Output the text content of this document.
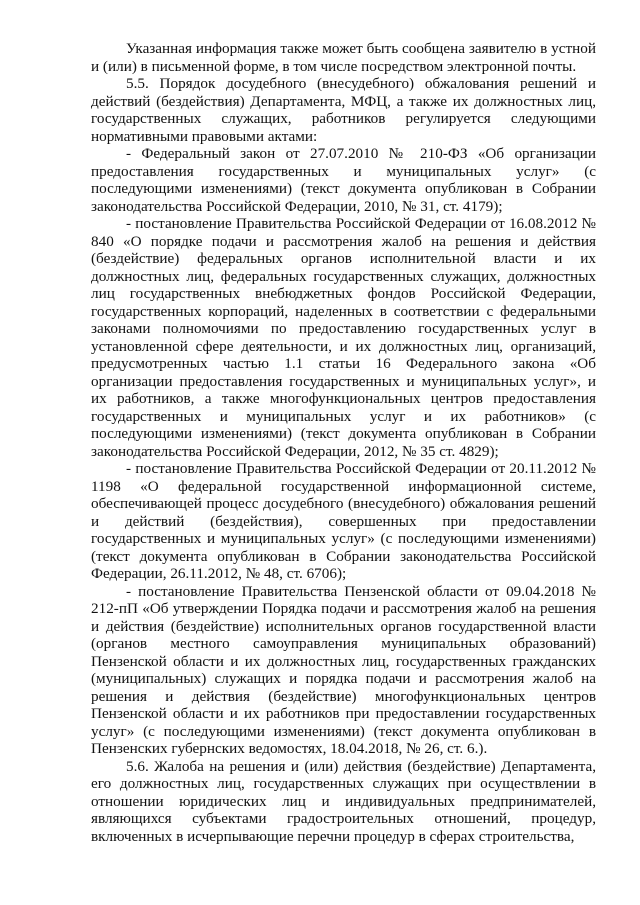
Указанная информация также может быть сообщена заявителю в устной и (или) в письменной форме, в том числе посредством электронной почты.

5.5. Порядок досудебного (внесудебного) обжалования решений и действий (бездействия) Департамента, МФЦ, а также их должностных лиц, государственных служащих, работников регулируется следующими нормативными правовыми актами:

- Федеральный закон от 27.07.2010 № 210-ФЗ «Об организации предоставления государственных и муниципальных услуг» (с последующими изменениями) (текст документа опубликован в Собрании законодательства Российской Федерации, 2010, № 31, ст. 4179);

- постановление Правительства Российской Федерации от 16.08.2012 № 840 «О порядке подачи и рассмотрения жалоб на решения и действия (бездействие) федеральных органов исполнительной власти и их должностных лиц, федеральных государственных служащих, должностных лиц государственных внебюджетных фондов Российской Федерации, государственных корпораций, наделенных в соответствии с федеральными законами полномочиями по предоставлению государственных услуг в установленной сфере деятельности, и их должностных лиц, организаций, предусмотренных частью 1.1 статьи 16 Федерального закона «Об организации предоставления государственных и муниципальных услуг», и их работников, а также многофункциональных центров предоставления государственных и муниципальных услуг и их работников» (с последующими изменениями) (текст документа опубликован в Собрании законодательства Российской Федерации, 2012, № 35 ст. 4829);

- постановление Правительства Российской Федерации от 20.11.2012 № 1198 «О федеральной государственной информационной системе, обеспечивающей процесс досудебного (внесудебного) обжалования решений и действий (бездействия), совершенных при предоставлении государственных и муниципальных услуг» (с последующими изменениями) (текст документа опубликован в Собрании законодательства Российской Федерации, 26.11.2012, № 48, ст. 6706);

- постановление Правительства Пензенской области от 09.04.2018 № 212-пП «Об утверждении Порядка подачи и рассмотрения жалоб на решения и действия (бездействие) исполнительных органов государственной власти (органов местного самоуправления муниципальных образований) Пензенской области и их должностных лиц, государственных гражданских (муниципальных) служащих и порядка подачи и рассмотрения жалоб на решения и действия (бездействие) многофункциональных центров Пензенской области и их работников при предоставлении государственных услуг» (с последующими изменениями) (текст документа опубликован в Пензенских губернских ведомостях, 18.04.2018, № 26, ст. 6.).

5.6. Жалоба на решения и (или) действия (бездействие) Департамента, его должностных лиц, государственных служащих при осуществлении в отношении юридических лиц и индивидуальных предпринимателей, являющихся субъектами градостроительных отношений, процедур, включенных в исчерпывающие перечни процедур в сферах строительства,
